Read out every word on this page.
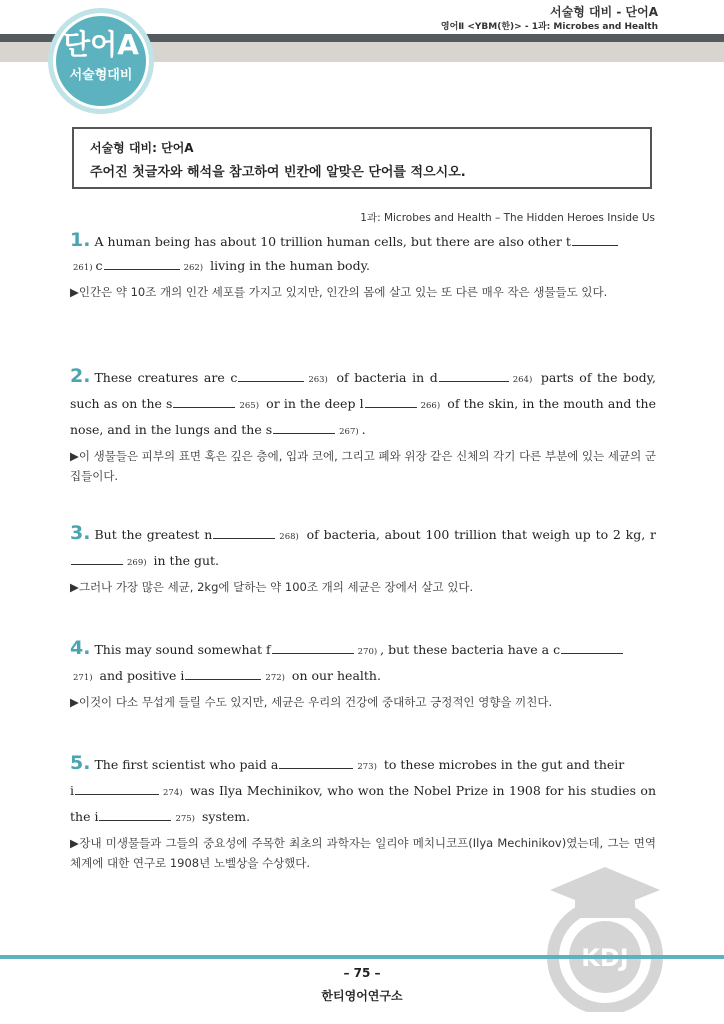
서술형 대비 - 단어A
영어Ⅱ <YBM(한)> - 1과: Microbes and Health
단어A
서술형대비
서술형 대비: 단어A
주어진 첫글자와 해석을 참고하여 빈칸에 알맞은 단어를 적으시오.
1과: Microbes and Health – The Hidden Heroes Inside Us
1. A human being has about 10 trillion human cells, but there are also other t
261) c	262) living in the human body.
▶인간은 약 10조 개의 인간 세포를 가지고 있지만, 인간의 몸에 살고 있는 또 다른 매우 작은 생물들도 있다.
2. These creatures are c	263) of bacteria in d	264) parts of the body, such as on the s	265) or in the deep l	266) of the skin, in the mouth and the nose, and in the lungs and the s	267) .
▶이 생물들은 피부의 표면 혹은 깊은 층에, 입과 코에, 그리고 폐와 위장 같은 신체의 각기 다른 부분에 있는 세균의 군집들이다.
3. But the greatest n	268) of bacteria, about 100 trillion that weigh up to 2 kg, r269) in the gut.
▶그러나 가장 많은 세균, 2kg에 달하는 약 100조 개의 세균은 장에서 살고 있다.
4. This may sound somewhat f	270) , but these bacteria have a c
271) and positive i	272) on our health.
▶이것이 다소 무섭게 들릴 수도 있지만, 세균은 우리의 건강에 중대하고 긍정적인 영향을 끼친다.
5. The first scientist who paid a	273) to these microbes in the gut and their
i	274) was Ilya Mechinikov, who won the Nobel Prize in 1908 for his studies on the i	275) system.
▶장내 미생물들과 그들의 중요성에 주목한 최초의 과학자는 일리야 메치니코프(Ilya Mechinikov)였는데, 그는 면역 체계에 대한 연구로 1908년 노벨상을 수상했다.
– 75 –
한티영어연구소
